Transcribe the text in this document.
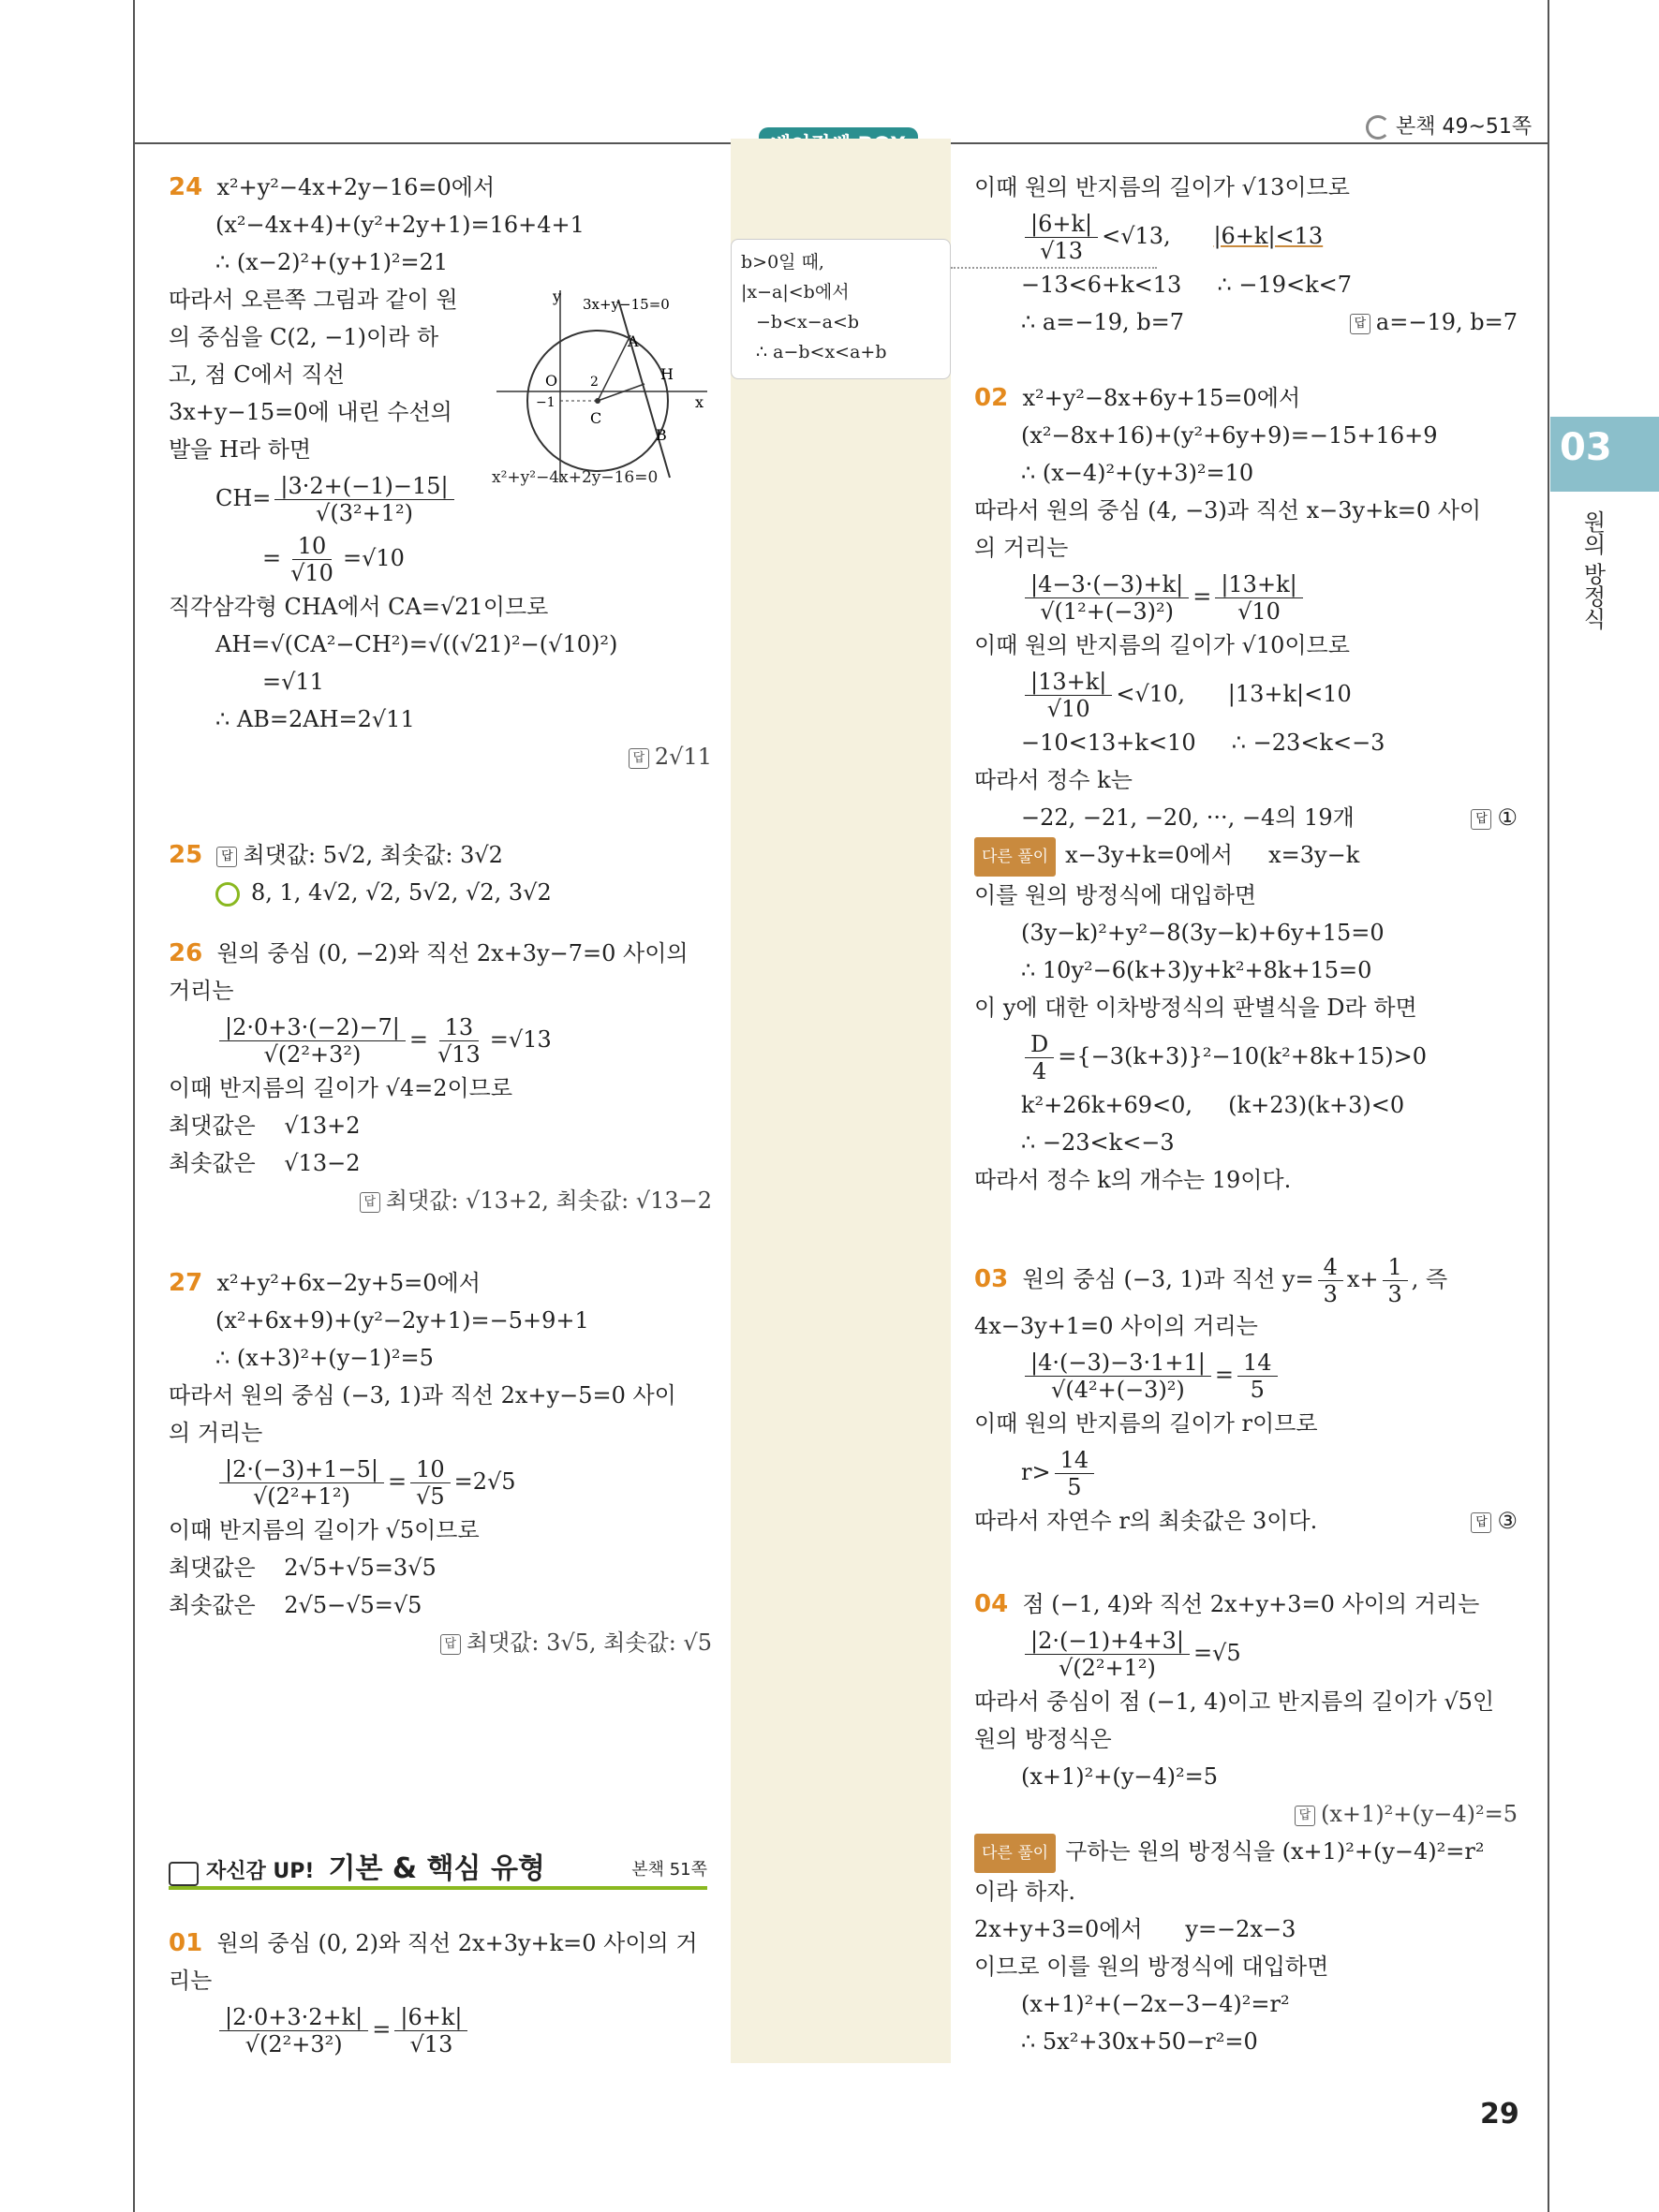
본책 49~51쪽
b>0일 때,
|x−a|<b에서
−b<x−a<b
∴ a−b<x<a+b
03
원의 방정식
24 x²+y²−4x+2y−16=0에서
(x²−4x+4)+(y²+2y+1)=16+4+1
∴ (x−2)²+(y+1)²=21
따라서 오른쪽 그림과 같이 원
의 중심을 C(2, −1)이라 하
고, 점 C에서 직선
3x+y−15=0에 내린 수선의
발을 H라 하면
$CH= \frac{|3\cdot 2+(-1)-15|}{\text{√(3²+1²)}}$
= $\frac{10}{√10} =√10$
직각삼각형 CHA에서 CA=√21이므로
AH=√(CA²−CH²)=√((√21)²−(√10)²)
=√11
∴ AB=2AH=2√11
답 2√11
y
x
O 2
−1
A
H
C
B
3x+y−15=0
x²+y²−4x+2y−16=0
25 답 최댓값: 5√2, 최솟값: 3√2
8, 1, 4√2, √2, 5√2, √2, 3√2
26 원의 중심 (0, −2)와 직선 2x+3y−7=0 사이의
거리는
$\frac{|2\cdot 0+3\cdot(-2)-7|}{\text{√(2²+3²)}} = \frac{13}{√13} =√13$
이때 반지름의 길이가 √4=2이므로
최댓값은 √13+2
최솟값은 √13−2
답 최댓값: √13+2, 최솟값: √13−2
27 x²+y²+6x−2y+5=0에서
(x²+6x+9)+(y²−2y+1)=−5+9+1
∴ (x+3)²+(y−1)²=5
따라서 원의 중심 (−3, 1)과 직선 2x+y−5=0 사이
의 거리는
$\frac{|2\cdot(-3)+1-5|}{\text{√(2²+1²)}} = \frac{10}{√5} =2√5$
이때 반지름의 길이가 √5이므로
최댓값은 2√5+√5=3√5
최솟값은 2√5−√5=√5
답 최댓값: 3√5, 최솟값: √5
자신감 UP! 기본 & 핵심 유형	본책 51쪽
01 원의 중심 (0, 2)와 직선 2x+3y+k=0 사이의 거
리는
$\frac{|2\cdot 0+3\cdot 2+k|}{\text{√(2²+3²)}} = \frac{|6+k|}{√13}$
이때 원의 반지름의 길이가 √13이므로
$\frac{|6+k|}{√13} <√13$, |6+k|<13
−13<6+k<13 ∴ −19<k<7
∴ a=−19, b=7	답 a=−19, b=7
02 x²+y²−8x+6y+15=0에서
(x²−8x+16)+(y²+6y+9)=−15+16+9
∴ (x−4)²+(y+3)²=10
따라서 원의 중심 (4, −3)과 직선 x−3y+k=0 사이
의 거리는
$\frac{|4-3\cdot(-3)+k|}{\text{√(1²+(−3)²)}} = \frac{|13+k|}{√10}$
이때 원의 반지름의 길이가 √10이므로
$\frac{|13+k|}{√10} <√10$, |13+k|<10
−10<13+k<10 ∴ −23<k<−3
따라서 정수 k는
−22, −21, −20, ···, −4의 19개	답 ①
다른 풀이 x−3y+k=0에서 x=3y−k
이를 원의 방정식에 대입하면
(3y−k)²+y²−8(3y−k)+6y+15=0
∴ 10y²−6(k+3)y+k²+8k+15=0
이 y에 대한 이차방정식의 판별식을 D라 하면
$\frac{D}{4} =\{-3(k+3)\}^2-10(k^2+8k+15)>0$
k²+26k+69<0, (k+23)(k+3)<0
∴ −23<k<−3
따라서 정수 k의 개수는 19이다.
03 원의 중심 (−3, 1)과 직선 $y= \frac{4}{3} x+ \frac{1}{3}$ , 즉
4x−3y+1=0 사이의 거리는
$\frac{|4\cdot(-3)-3\cdot 1+1|}{\text{√(4²+(−3)²)}} = \frac{14}{5}$
이때 원의 반지름의 길이가 r이므로
$r> \frac{14}{5}$
따라서 자연수 r의 최솟값은 3이다.	답 ③
04 점 (−1, 4)와 직선 2x+y+3=0 사이의 거리는
$\frac{|2\cdot(-1)+4+3|}{\text{√(2²+1²)}} =√5$
따라서 중심이 점 (−1, 4)이고 반지름의 길이가 √5인
원의 방정식은
(x+1)²+(y−4)²=5
답 (x+1)²+(y−4)²=5
다른 풀이 구하는 원의 방정식을 (x+1)²+(y−4)²=r²
이라 하자.
2x+y+3=0에서 y=−2x−3
이므로 이를 원의 방정식에 대입하면
(x+1)²+(−2x−3−4)²=r²
∴ 5x²+30x+50−r²=0
29
